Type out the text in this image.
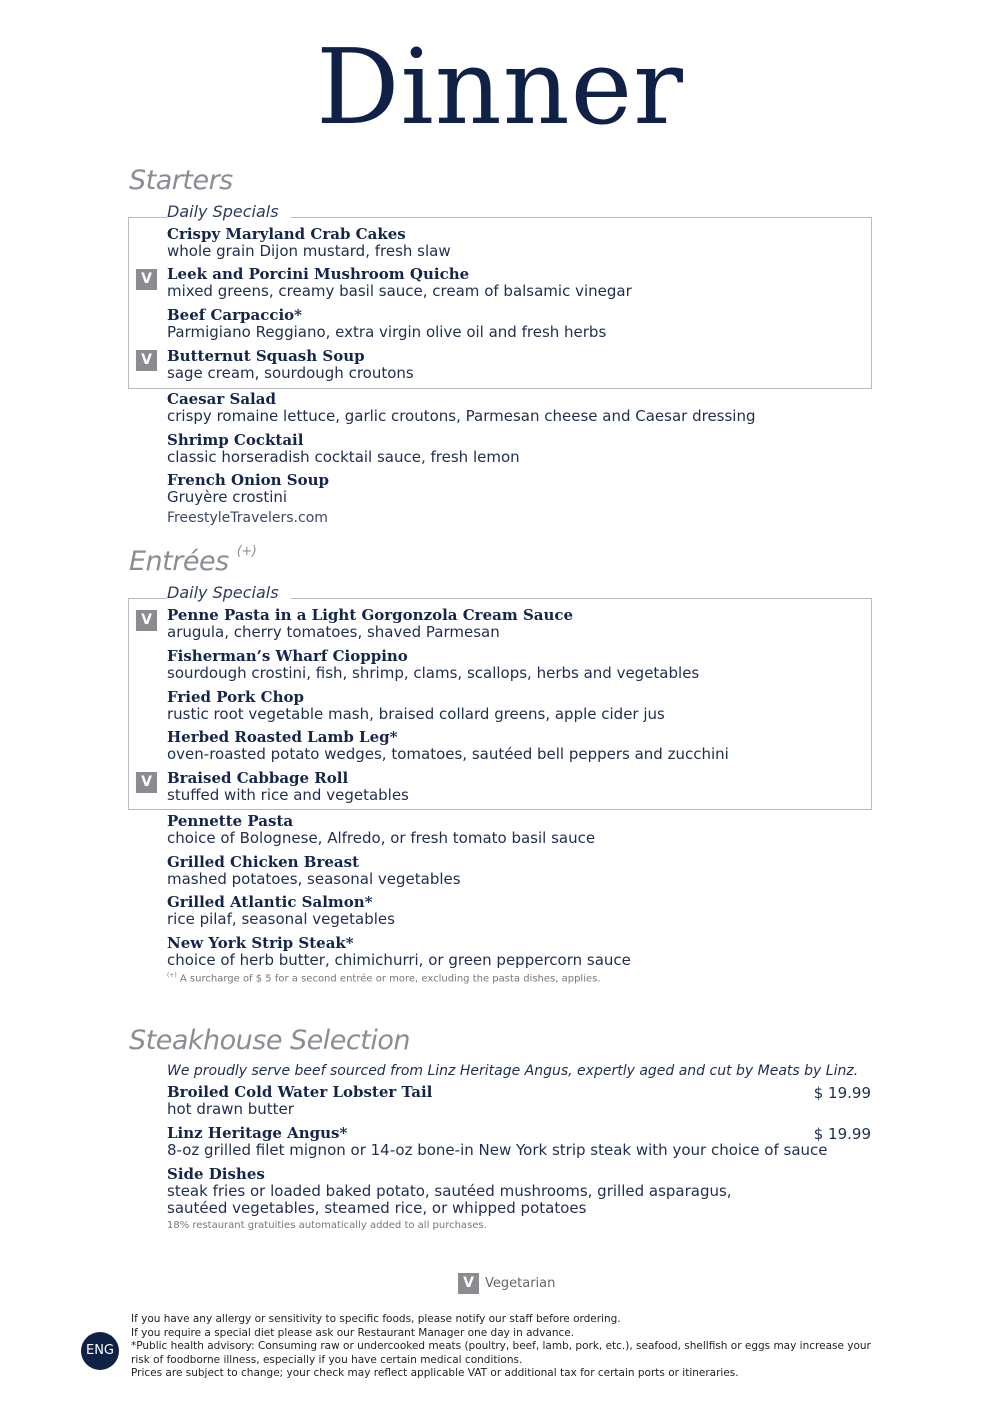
Dinner
Starters
Daily Specials
Crispy Maryland Crab Cakes
whole grain Dijon mustard, fresh slaw
V	Leek and Porcini Mushroom Quiche
mixed greens, creamy basil sauce, cream of balsamic vinegar
Beef Carpaccio*
Parmigiano Reggiano, extra virgin olive oil and fresh herbs
V	Butternut Squash Soup
sage cream, sourdough croutons
Caesar Salad
crispy romaine lettuce, garlic croutons, Parmesan cheese and Caesar dressing
Shrimp Cocktail
classic horseradish cocktail sauce, fresh lemon
French Onion Soup
Gruyère crostini
FreestyleTravelers.com
Entrées (+)
Daily Specials
V	Penne Pasta in a Light Gorgonzola Cream Sauce
arugula, cherry tomatoes, shaved Parmesan
Fisherman’s Wharf Cioppino
sourdough crostini, fish, shrimp, clams, scallops, herbs and vegetables
Fried Pork Chop
rustic root vegetable mash, braised collard greens, apple cider jus
Herbed Roasted Lamb Leg*
oven-roasted potato wedges, tomatoes, sautéed bell peppers and zucchini
V	Braised Cabbage Roll
stuffed with rice and vegetables
Pennette Pasta
choice of Bolognese, Alfredo, or fresh tomato basil sauce
Grilled Chicken Breast
mashed potatoes, seasonal vegetables
Grilled Atlantic Salmon*
rice pilaf, seasonal vegetables
New York Strip Steak*
choice of herb butter, chimichurri, or green peppercorn sauce
(+) A surcharge of $ 5 for a second entrée or more, excluding the pasta dishes, applies.
Steakhouse Selection
We proudly serve beef sourced from Linz Heritage Angus, expertly aged and cut by Meats by Linz.
Broiled Cold Water Lobster Tail
hot drawn butter
$ 19.99
Linz Heritage Angus*
8-oz grilled filet mignon or 14-oz bone-in New York strip steak with your choice of sauce
$ 19.99
Side Dishes
steak fries or loaded baked potato, sautéed mushrooms, grilled asparagus,
sautéed vegetables, steamed rice, or whipped potatoes
18% restaurant gratuities automatically added to all purchases.
V Vegetarian
ENG
If you have any allergy or sensitivity to specific foods, please notify our staff before ordering.
If you require a special diet please ask our Restaurant Manager one day in advance.
*Public health advisory: Consuming raw or undercooked meats (poultry, beef, lamb, pork, etc.), seafood, shellfish or eggs may increase your risk of foodborne illness, especially if you have certain medical conditions.
Prices are subject to change; your check may reflect applicable VAT or additional tax for certain ports or itineraries.
